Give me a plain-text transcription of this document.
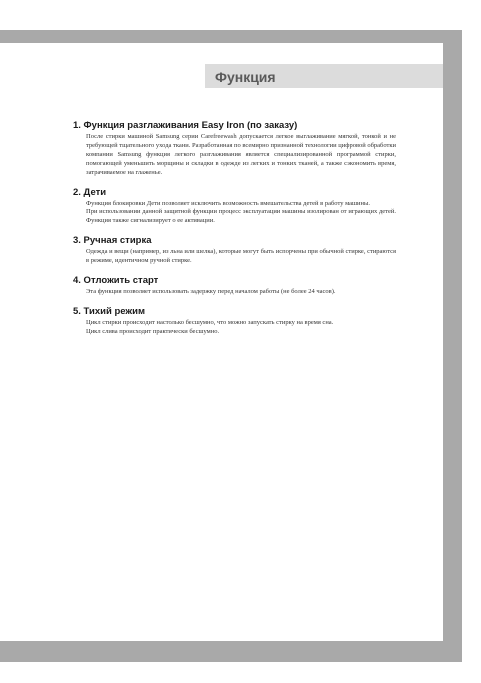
Функция
1. Функция разглаживания Easy Iron (по заказу)

После стирки машиной Samsung серии Carefreewash допускается легкое выглаживание мягкой, тонкой и не требующей тщательного ухода ткани. Разработанная по всемирно признанной технологии цифровой обработки компании Samsung функция легкого разглаживания является специализированной программой стирки, помогающей уменьшить морщины и складки в одежде из легких и тонких тканей, а также сэкономить время, затрачиваемое на глаженье.

2. Дети

Функция блокировки Дети позволяет исключить возможность вмешательства детей в работу машины.

При использовании данной защитной функции процесс эксплуатации машины изолирован от играющих детей. Функция также сигнализирует о ее активации.

3. Ручная стирка

Одежда и вещи (например, из льна или шелка), которые могут быть испорчены при обычной стирке, стираются в режиме, идентичном ручной стирке.

4. Отложить старт

Эта функция позволяет использовать задержку перед началом работы (не более 24 часов).

5. Тихий режим

Цикл стирки происходит настолько бесшумно, что можно запускать стирку на время сна.

Цикл слива происходит практически бесшумно.
